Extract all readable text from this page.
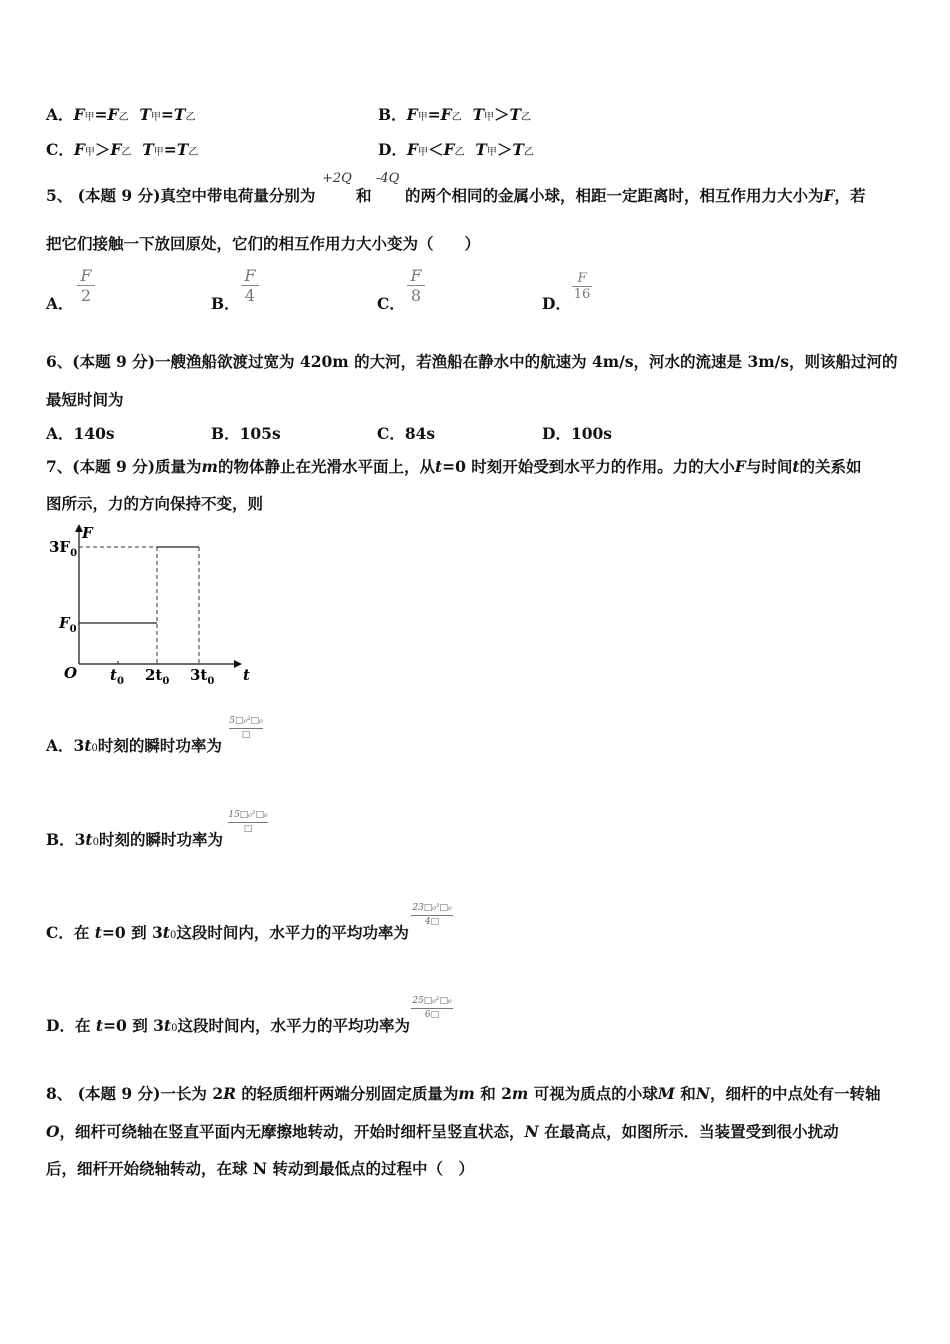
A．F甲=F乙 T甲=T乙	B．F甲=F乙 T甲＞T乙
C．F甲＞F乙 T甲=T乙	D．F甲＜F乙 T甲＞T乙
5、 (本题 9 分)真空中带电荷量分别为
+2Q
和
-4Q
的两个相同的金属小球，相距一定距离时，相互作用力大小为F，若
把它们接触一下放回原处，它们的相互作用力大小变为（　　）
A．
F
2	B．
F
4	C．
F
8	D．
F
16
6、(本题 9 分)一艘渔船欲渡过宽为 420m 的大河，若渔船在静水中的航速为 4m/s，河水的流速是 3m/s，则该船过河的
最短时间为
A．140s	B．105s	C．84s	D．100s
7、(本题 9 分)质量为m的物体静止在光滑水平面上，从t=0 时刻开始受到水平力的作用。力的大小F与时间t的关系如
图所示，力的方向保持不变，则
F
t
O
$3F_0$
$F_0$
$t_0$ $2t_0$ $3t_0$
A．3t0时刻的瞬时功率为
5□₀²□₀
□
B．3t0时刻的瞬时功率为
15□₀²□₀
□
C．在 t=0 到 3t0这段时间内，水平力的平均功率为
23□₀²□₀
4□
D．在 t=0 到 3t0这段时间内，水平力的平均功率为
25□₀²□₀
6□
8、 (本题 9 分)一长为 2R 的轻质细杆两端分别固定质量为m 和 2m 可视为质点的小球M 和N，细杆的中点处有一转轴
O，细杆可绕轴在竖直平面内无摩擦地转动，开始时细杆呈竖直状态，N 在最高点，如图所示．当装置受到很小扰动
后，细杆开始绕轴转动，在球 N 转动到最低点的过程中（　）
